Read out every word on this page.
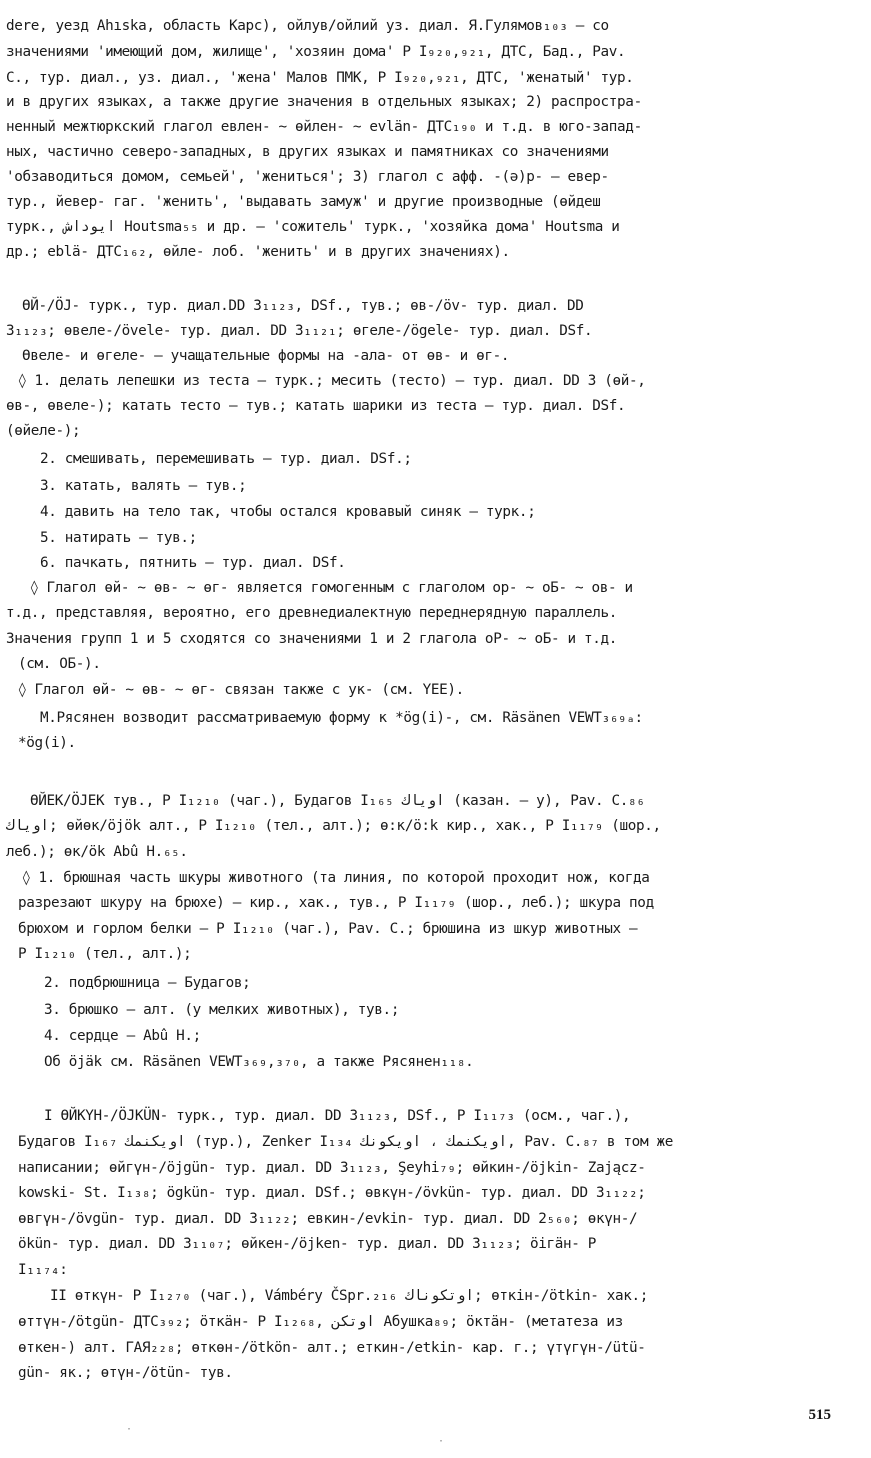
dere, уезд Ahıska, область Карс), ойлув/ойлий уз. диал. Я.Гулямов₁₀₃ – со
значениями 'имеющий дом, жилище', 'хозяин дома' Р I₉₂₀,₉₂₁, ДТС, Бад., Pav.
C., тур. диал., уз. диал., 'жена' Малов ПМК, Р I₉₂₀,₉₂₁, ДТС, 'женатый' тур.
и в других языках, а также другие значения в отдельных языках; 2) распростра-
ненный межтюркский глагол евлен- ~ өйлен- ~ evlän- ДТС₁₉₀ и т.д. в юго-запад-
ных, частично северо-западных, в других языках и памятниках со значениями
'обзаводиться домом, семьей', 'жениться'; 3) глагол с афф. -(ə)р- – евер-
тур., йевер- гаг. 'женить', 'выдавать замуж' и другие производные (өйдеш
турк., ايوداش Houtsma₅₅ и др. – 'сожитель' турк., 'хозяйка дома' Houtsma и
др.; eblä- ДТС₁₆₂, өйле- лоб. 'женить' и в других значениях).
ӨЙ-/ÖJ- турк., тур. диал.DD 3₁₁₂₃, DSf., тув.; өв-/öv- тур. диал. DD
3₁₁₂₃; өвеле-/övele- тур. диал. DD 3₁₁₂₁; өгеле-/ögele- тур. диал. DSf.
Өвеле- и өгеле- – учащательные формы на -ала- от өв- и өг-.
◊ 1. делать лепешки из теста – турк.; месить (тесто) – тур. диал. DD 3 (өй-,
өв-, өвеле-); катать тесто – тув.; катать шарики из теста – тур. диал. DSf.
(өйеле-);
2. смешивать, перемешивать – тур. диал. DSf.;
3. катать, валять – тув.;
4. давить на тело так, чтобы остался кровавый синяк – турк.;
5. натирать – тув.;
6. пачкать, пятнить – тур. диал. DSf.
◊ Глагол өй- ~ өв- ~ өг- является гомогенным с глаголом ор- ~ оБ- ~ ов- и
т.д., представляя, вероятно, его древнедиалектную переднерядную параллель.
Значения групп 1 и 5 сходятся со значениями 1 и 2 глагола оР- ~ оБ- и т.д.
(см. ОБ-).
◊ Глагол өй- ~ өв- ~ өг- связан также с ук- (см. ҮЕЕ).
М.Рясянен возводит рассматриваемую форму к *ög(i)-, см. Räsänen VEWT₃₆₉ₐ:
*ög(i).
ӨЙЕК/ÖJEK тув., Р I₁₂₁₀ (чаг.), Будагов I₁₆₅ اوياك (казан. – у), Pav. C.₈₆
اوياك; өйөк/öjök алт., Р I₁₂₁₀ (тел., алт.); ө:к/ö:k кир., хак., Р I₁₁₇₉ (шор.,
леб.); өк/ök Abû H.₆₅.
◊ 1. брюшная часть шкуры животного (та линия, по которой проходит нож, когда
разрезают шкуру на брюхе) – кир., хак., тув., Р I₁₁₇₉ (шор., леб.); шкура под
брюхом и горлом белки – Р I₁₂₁₀ (чаг.), Pav. C.; брюшина из шкур животных –
Р I₁₂₁₀ (тел., алт.);
2. подбрюшница – Будагов;
3. брюшко – алт. (у мелких животных), тув.;
4. сердце – Abû H.;
Об öjäk см. Räsänen VEWT₃₆₉,₃₇₀, а также Рясянен₁₁₈.
I ӨЙКҮН-/ÖJKÜN- турк., тур. диал. DD 3₁₁₂₃, DSf., Р I₁₁₇₃ (осм., чаг.),
Будагов I₁₆₇ اويكنمك (тур.), Zenker I₁₃₄ اويكنمك ، اويكونك, Pav. C.₈₇ в том же
написании; өйгүн-/öjgün- тур. диал. DD 3₁₁₂₃, Şeyhi₇₉; өйкин-/öjkin- Zającz-
kowski- St. I₁₃₈; ögkün- тур. диал. DSf.; өвкүн-/övkün- тур. диал. DD 3₁₁₂₂;
өвгүн-/övgün- тур. диал. DD 3₁₁₂₂; евкин-/evkin- тур. диал. DD 2₅₆₀; өкүн-/
ökün- тур. диал. DD 3₁₁₀₇; өйкен-/öjken- тур. диал. DD 3₁₁₂₃; öiгäн- Р
I₁₁₇₄:
II өткүн- Р I₁₂₇₀ (чаг.), Vámbéry ČSpr.₂₁₆ اوتكوناك; өткін-/ötkin- хак.;
өттүн-/ötgün- ДТС₃₉₂; öткäн- Р I₁₂₆₈, اوتکن Абушка₈₉; öктäн- (метатеза из
өткен-) алт. ГАЯ₂₂₈; өткөн-/ötkön- алт.; еткин-/etkin- кар. г.; үтүгүн-/ütü-
gün- як.; өтүн-/ötün- тув.
·
·
515
